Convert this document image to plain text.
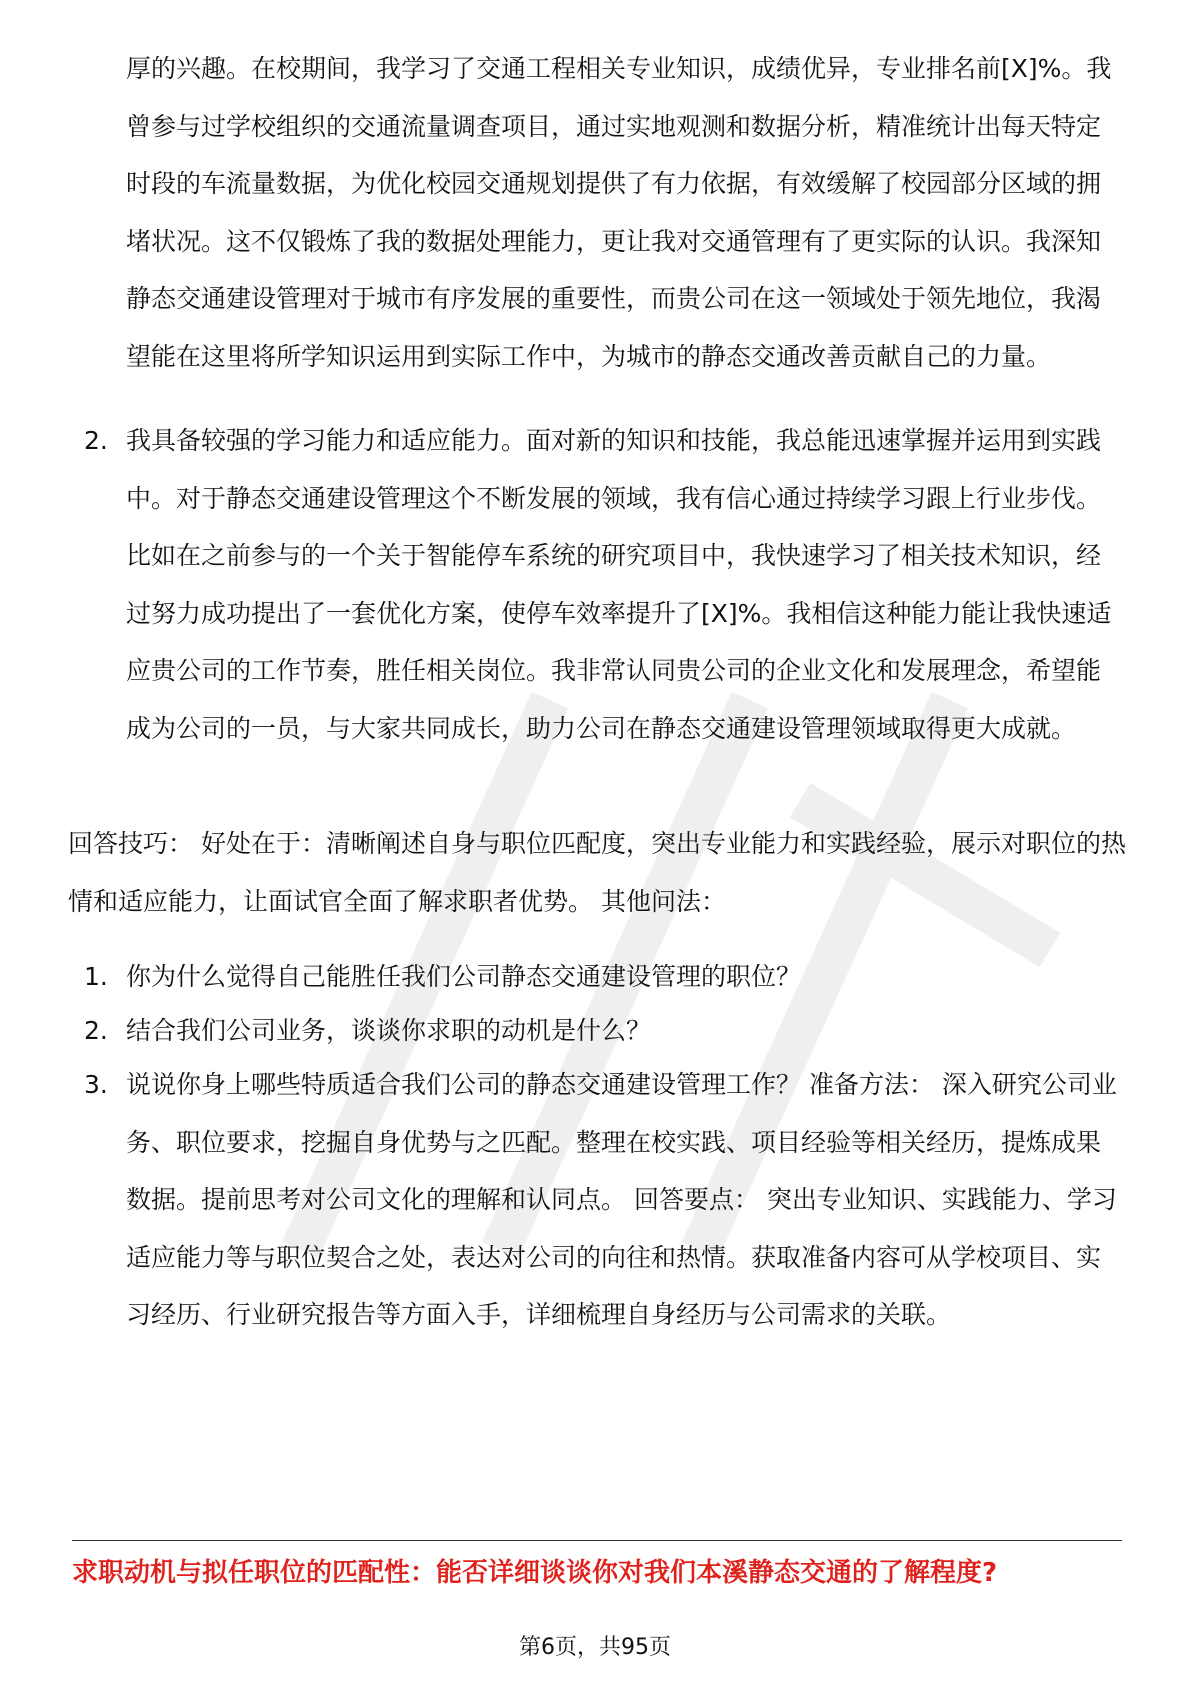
厚的兴趣。在校期间，我学习了交通工程相关专业知识，成绩优异，专业排名前[X]%。我曾参与过学校组织的交通流量调查项目，通过实地观测和数据分析，精准统计出每天特定时段的车流量数据，为优化校园交通规划提供了有力依据，有效缓解了校园部分区域的拥堵状况。这不仅锻炼了我的数据处理能力，更让我对交通管理有了更实际的认识。我深知静态交通建设管理对于城市有序发展的重要性，而贵公司在这一领域处于领先地位，我渴望能在这里将所学知识运用到实际工作中，为城市的静态交通改善贡献自己的力量。

2. 我具备较强的学习能力和适应能力。面对新的知识和技能，我总能迅速掌握并运用到实践中。对于静态交通建设管理这个不断发展的领域，我有信心通过持续学习跟上行业步伐。比如在之前参与的一个关于智能停车系统的研究项目中，我快速学习了相关技术知识，经过努力成功提出了一套优化方案，使停车效率提升了[X]%。我相信这种能力能让我快速适应贵公司的工作节奏，胜任相关岗位。我非常认同贵公司的企业文化和发展理念，希望能成为公司的一员，与大家共同成长，助力公司在静态交通建设管理领域取得更大成就。

回答技巧： 好处在于：清晰阐述自身与职位匹配度，突出专业能力和实践经验，展示对职位的热情和适应能力，让面试官全面了解求职者优势。 其他问法：

1. 你为什么觉得自己能胜任我们公司静态交通建设管理的职位？
2. 结合我们公司业务，谈谈你求职的动机是什么？
3. 说说你身上哪些特质适合我们公司的静态交通建设管理工作？ 准备方法： 深入研究公司业务、职位要求，挖掘自身优势与之匹配。整理在校实践、项目经验等相关经历，提炼成果数据。提前思考对公司文化的理解和认同点。 回答要点： 突出专业知识、实践能力、学习适应能力等与职位契合之处，表达对公司的向往和热情。获取准备内容可从学校项目、实习经历、行业研究报告等方面入手，详细梳理自身经历与公司需求的关联。
求职动机与拟任职位的匹配性：能否详细谈谈你对我们本溪静态交通的了解程度?
第6页，共95页
